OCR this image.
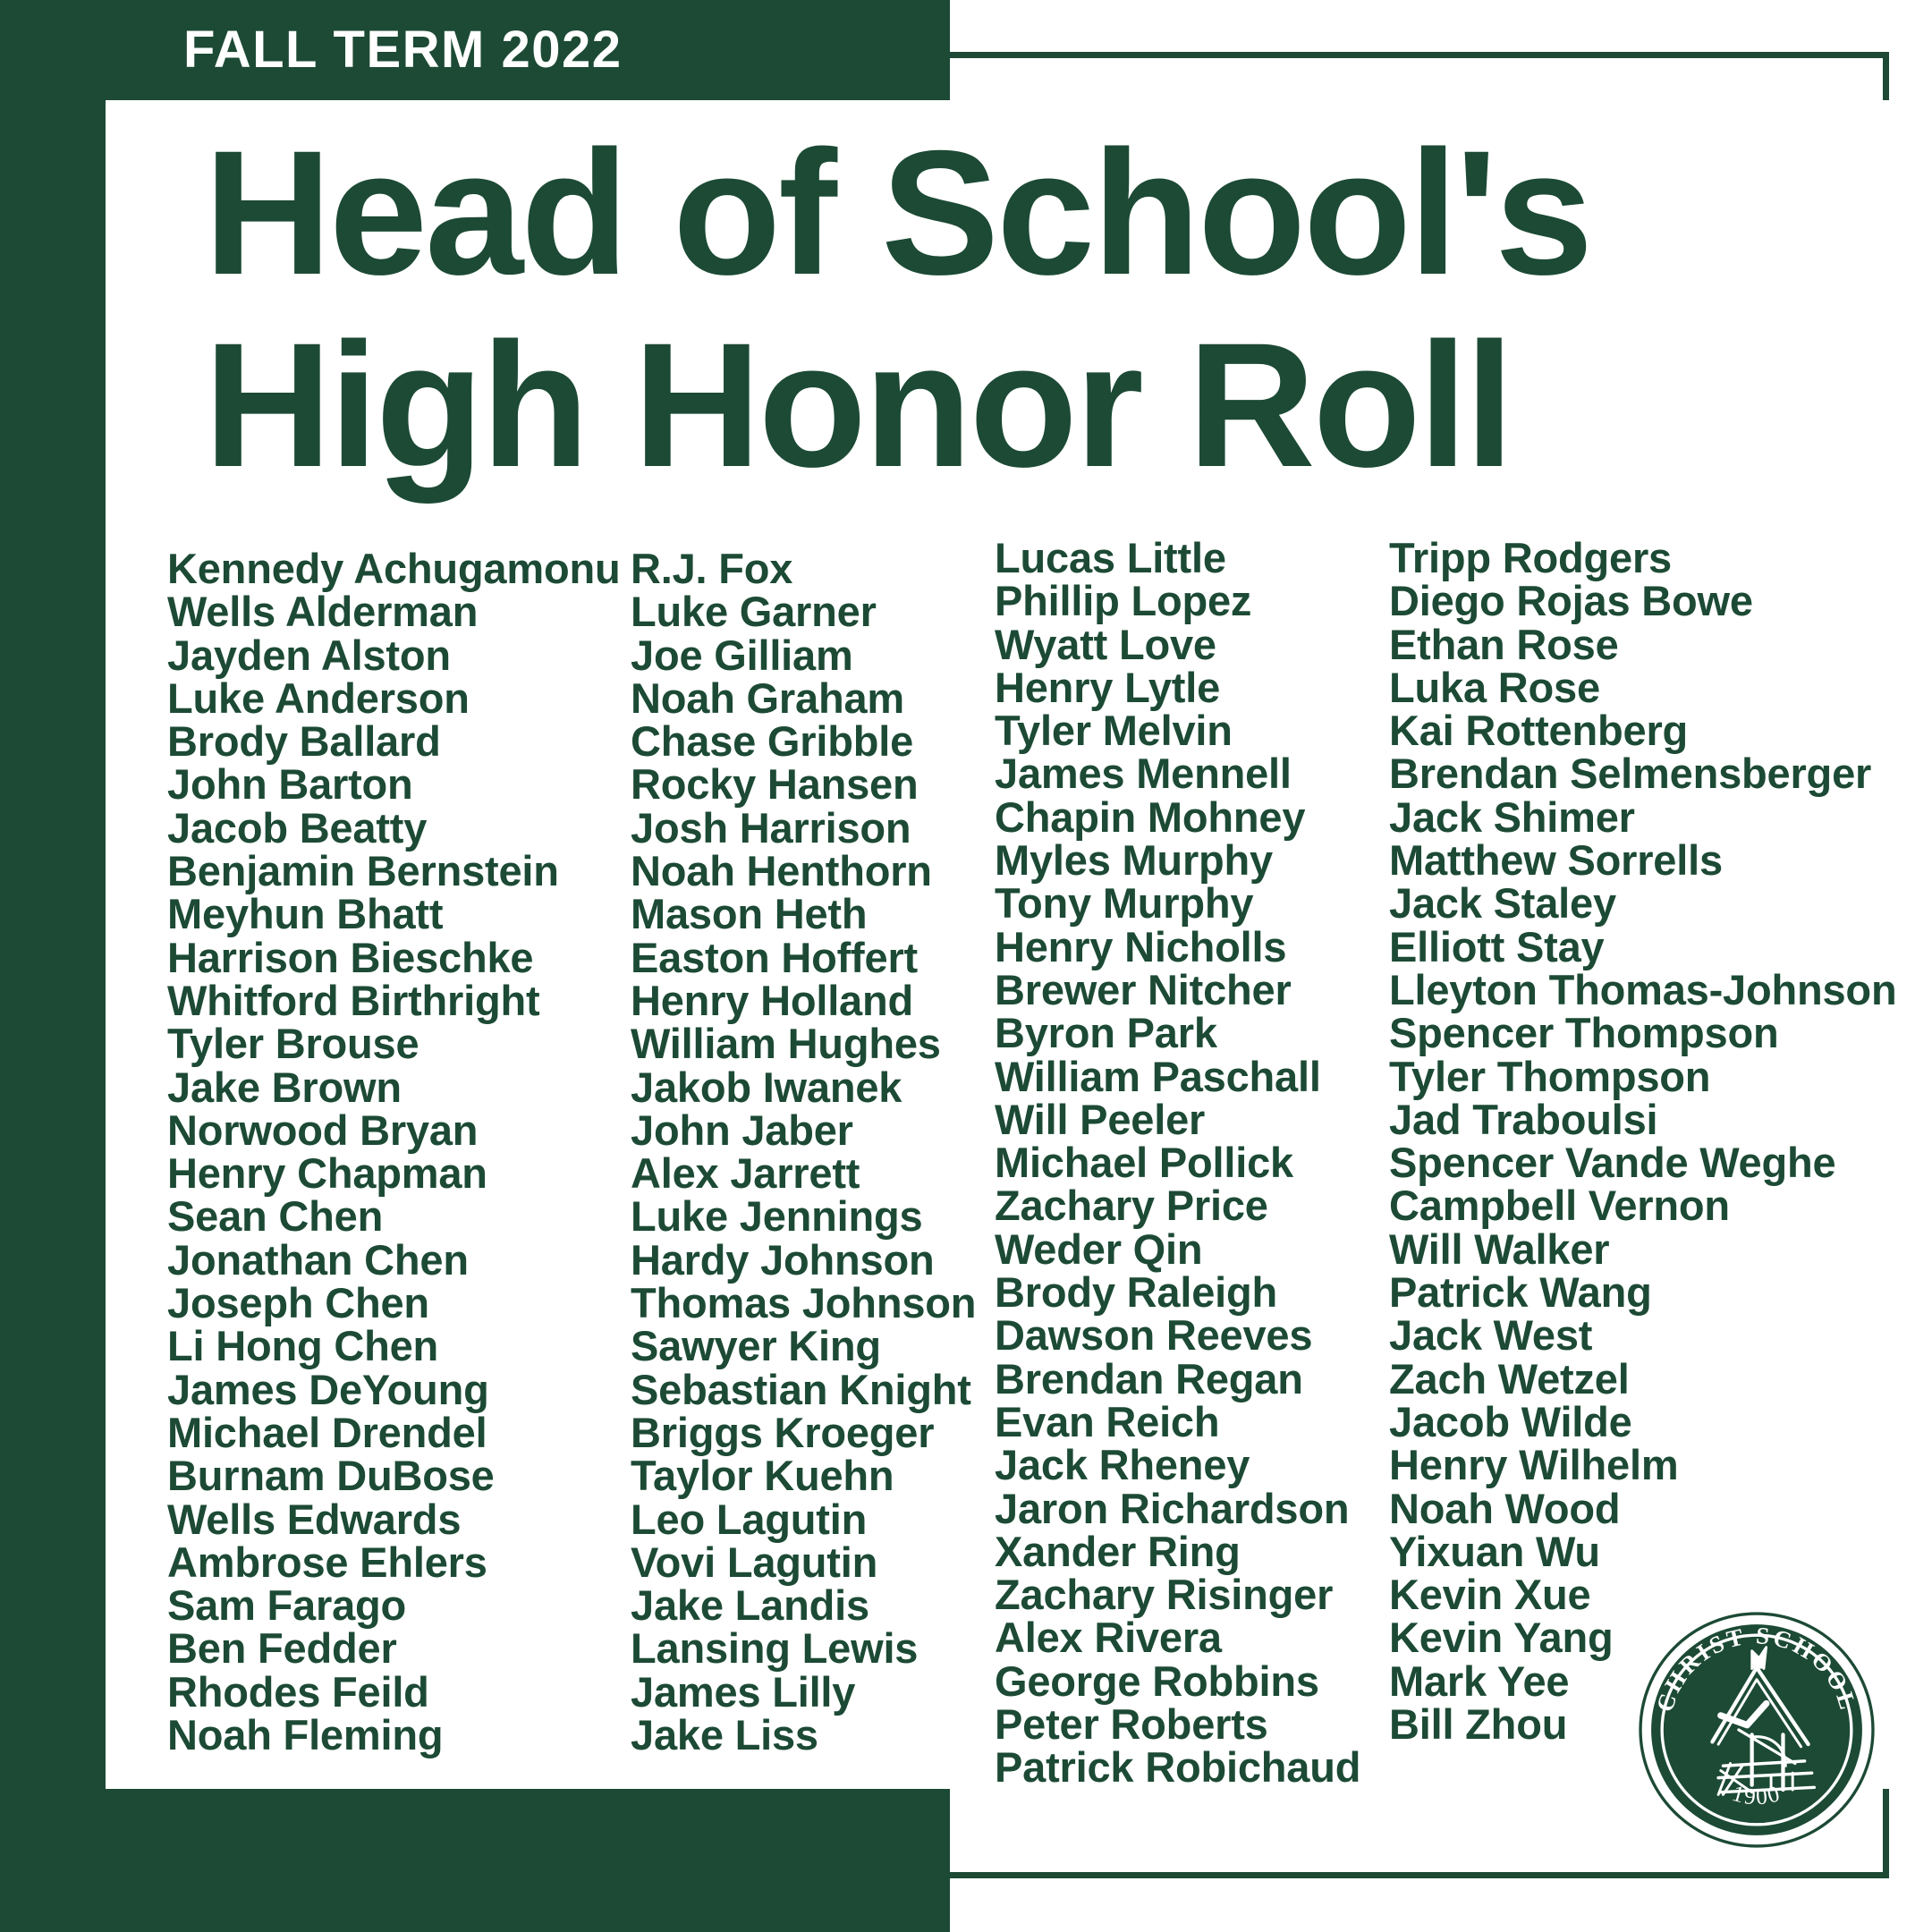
FALL TERM 2022
Head of School's
High Honor Roll
Kennedy Achugamonu
Wells Alderman
Jayden Alston
Luke Anderson
Brody Ballard
John Barton
Jacob Beatty
Benjamin Bernstein
Meyhun Bhatt
Harrison Bieschke
Whitford Birthright
Tyler Brouse
Jake Brown
Norwood Bryan
Henry Chapman
Sean Chen
Jonathan Chen
Joseph Chen
Li Hong Chen
James DeYoung
Michael Drendel
Burnam DuBose
Wells Edwards
Ambrose Ehlers
Sam Farago
Ben Fedder
Rhodes Feild
Noah Fleming
R.J. Fox
Luke Garner
Joe Gilliam
Noah Graham
Chase Gribble
Rocky Hansen
Josh Harrison
Noah Henthorn
Mason Heth
Easton Hoffert
Henry Holland
William Hughes
Jakob Iwanek
John Jaber
Alex Jarrett
Luke Jennings
Hardy Johnson
Thomas Johnson
Sawyer King
Sebastian Knight
Briggs Kroeger
Taylor Kuehn
Leo Lagutin
Vovi Lagutin
Jake Landis
Lansing Lewis
James Lilly
Jake Liss
Lucas Little
Phillip Lopez
Wyatt Love
Henry Lytle
Tyler Melvin
James Mennell
Chapin Mohney
Myles Murphy
Tony Murphy
Henry Nicholls
Brewer Nitcher
Byron Park
William Paschall
Will Peeler
Michael Pollick
Zachary Price
Weder Qin
Brody Raleigh
Dawson Reeves
Brendan Regan
Evan Reich
Jack Rheney
Jaron Richardson
Xander Ring
Zachary Risinger
Alex Rivera
George Robbins
Peter Roberts
Patrick Robichaud
Tripp Rodgers
Diego Rojas Bowe
Ethan Rose
Luka Rose
Kai Rottenberg
Brendan Selmensberger
Jack Shimer
Matthew Sorrells
Jack Staley
Elliott Stay
Lleyton Thomas-Johnson
Spencer Thompson
Tyler Thompson
Jad Traboulsi
Spencer Vande Weghe
Campbell Vernon
Will Walker
Patrick Wang
Jack West
Zach Wetzel
Jacob Wilde
Henry Wilhelm
Noah Wood
Yixuan Wu
Kevin Xue
Kevin Yang
Mark Yee
Bill Zhou	CHRIST SCHOOL
1900
